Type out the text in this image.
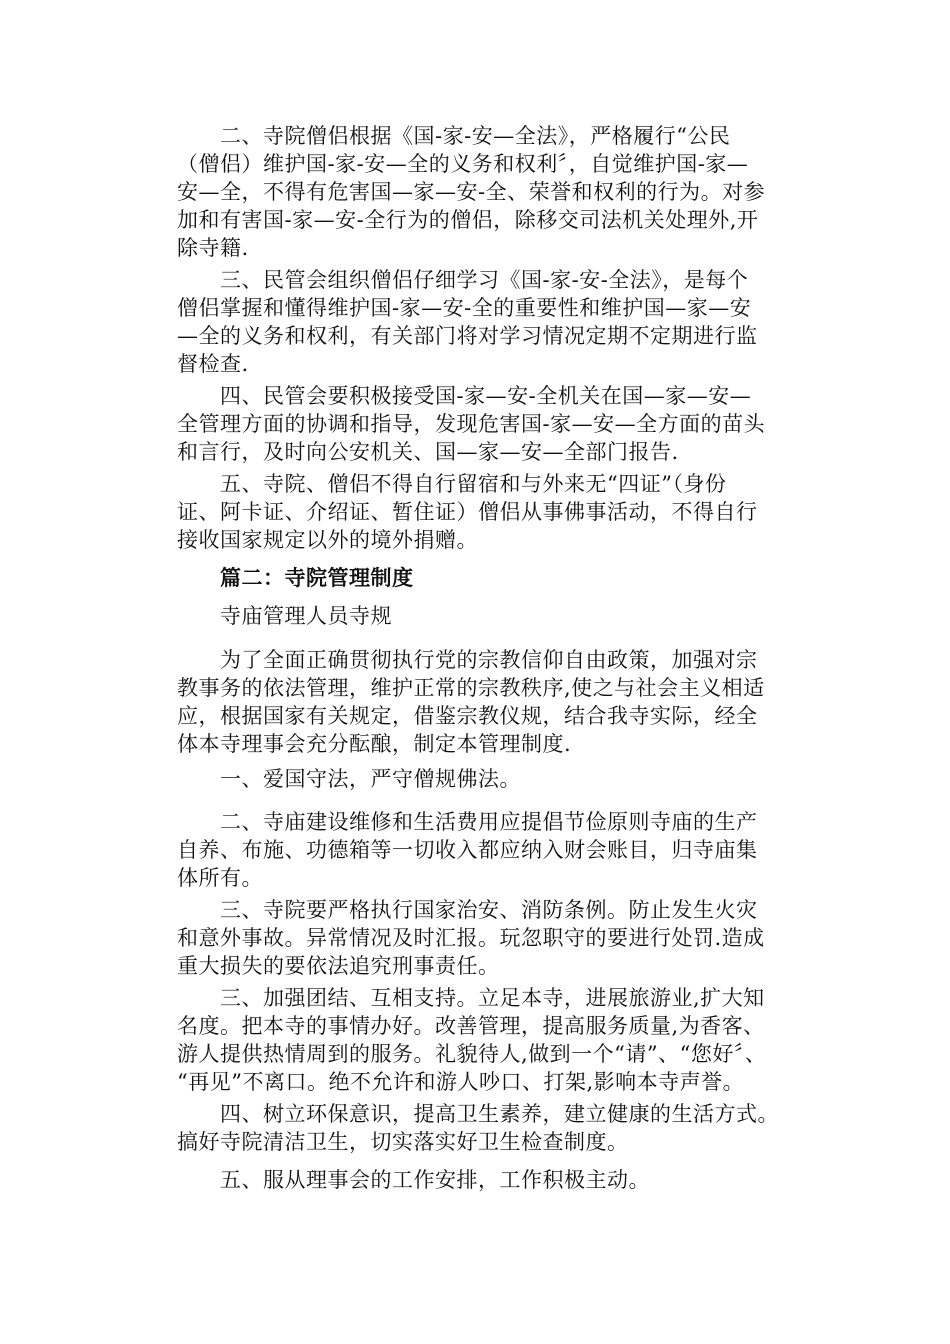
　　二、寺院僧侣根据《国-家-安—全法》，严格履行“公民
（僧侣）维护国-家-安—全的义务和权利〞，自觉维护国-家—
安—全，不得有危害国—家—安-全、荣誉和权利的行为。对参
加和有害国-家—安-全行为的僧侣，除移交司法机关处理外,开
除寺籍.
　　三、民管会组织僧侣仔细学习《国-家-安-全法》，是每个
僧侣掌握和懂得维护国-家—安-全的重要性和维护国—家—安
—全的义务和权利，有关部门将对学习情况定期不定期进行监
督检查.
　　四、民管会要积极接受国-家—安-全机关在国—家—安—
全管理方面的协调和指导，发现危害国-家—安—全方面的苗头
和言行，及时向公安机关、国—家—安—全部门报告.
　　五、寺院、僧侣不得自行留宿和与外来无“四证”（身份
证、阿卡证、介绍证、暂住证）僧侣从事佛事活动，不得自行
接收国家规定以外的境外捐赠。
　　篇二：寺院管理制度
　　寺庙管理人员寺规
　　为了全面正确贯彻执行党的宗教信仰自由政策，加强对宗
教事务的依法管理，维护正常的宗教秩序,使之与社会主义相适
应，根据国家有关规定，借鉴宗教仪规，结合我寺实际，经全
体本寺理事会充分酝酿，制定本管理制度.
　　一、爱国守法，严守僧规佛法。
　　二、寺庙建设维修和生活费用应提倡节俭原则寺庙的生产
自养、布施、功德箱等一切收入都应纳入财会账目，归寺庙集
体所有。
　　三、寺院要严格执行国家治安、消防条例。防止发生火灾
和意外事故。异常情况及时汇报。玩忽职守的要进行处罚.造成
重大损失的要依法追究刑事责任。
　　三、加强团结、互相支持。立足本寺，进展旅游业,扩大知
名度。把本寺的事情办好。改善管理，提高服务质量,为香客、
游人提供热情周到的服务。礼貌待人,做到一个“请”、“您好〞、
“再见”不离口。绝不允许和游人吵口、打架,影响本寺声誉。
　　四、树立环保意识，提高卫生素养，建立健康的生活方式。
搞好寺院清洁卫生，切实落实好卫生检查制度。
　　五、服从理事会的工作安排，工作积极主动。
